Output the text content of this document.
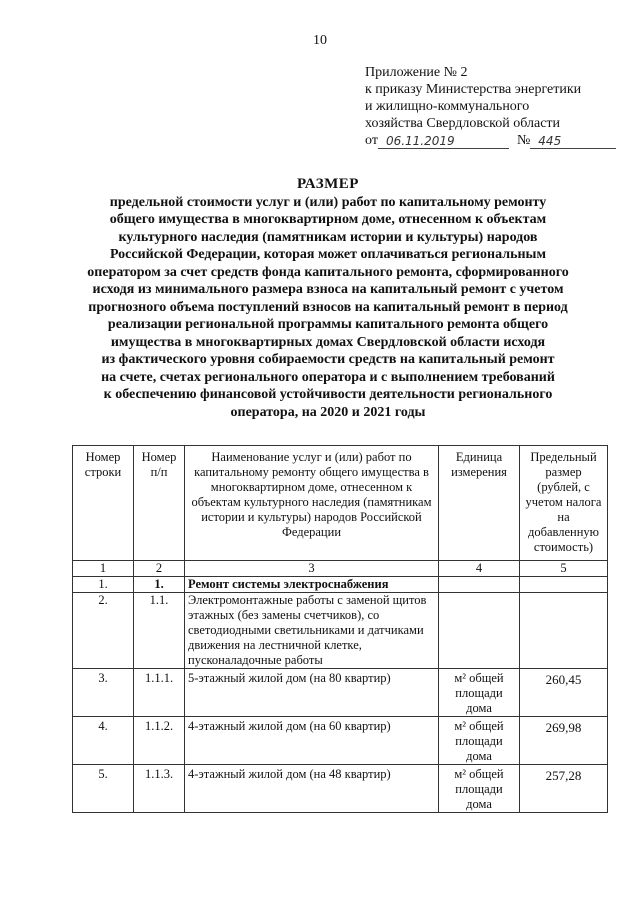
10
Приложение № 2
к приказу Министерства энергетики
и жилищно-коммунального
хозяйства Свердловской области
от 06.11.2019	№ 445
РАЗМЕР
предельной стоимости услуг и (или) работ по капитальному ремонту
общего имущества в многоквартирном доме, отнесенном к объектам
культурного наследия (памятникам истории и культуры) народов
Российской Федерации, которая может оплачиваться региональным
оператором за счет средств фонда капитального ремонта, сформированного
исходя из минимального размера взноса на капитальный ремонт с учетом
прогнозного объема поступлений взносов на капитальный ремонт в период
реализации региональной программы капитального ремонта общего
имущества в многоквартирных домах Свердловской области исходя
из фактического уровня собираемости средств на капитальный ремонт
на счете, счетах регионального оператора и с выполнением требований
к обеспечению финансовой устойчивости деятельности регионального
оператора, на 2020 и 2021 годы
Номер строки	Номер п/п	Наименование услуг и (или) работ по капитальному ремонту общего имущества в многоквартирном доме, отнесенном к объектам культурного наследия (памятникам истории и культуры) народов Российской Федерации	Единица измерения	Предельный размер (рублей, с учетом налога на добавленную стоимость)
1	2	3	4	5
1.	1.	Ремонт системы электроснабжения		
2.	1.1.	Электромонтажные работы с заменой щитов этажных (без замены счетчиков), со светодиодными светильниками и датчиками движения на лестничной клетке, пусконаладочные работы		
3.	1.1.1.	5-этажный жилой дом (на 80 квартир)	м² общей площади дома	260,45
4.	1.1.2.	4-этажный жилой дом (на 60 квартир)	м² общей площади дома	269,98
5.	1.1.3.	4-этажный жилой дом (на 48 квартир)	м² общей площади дома	257,28
